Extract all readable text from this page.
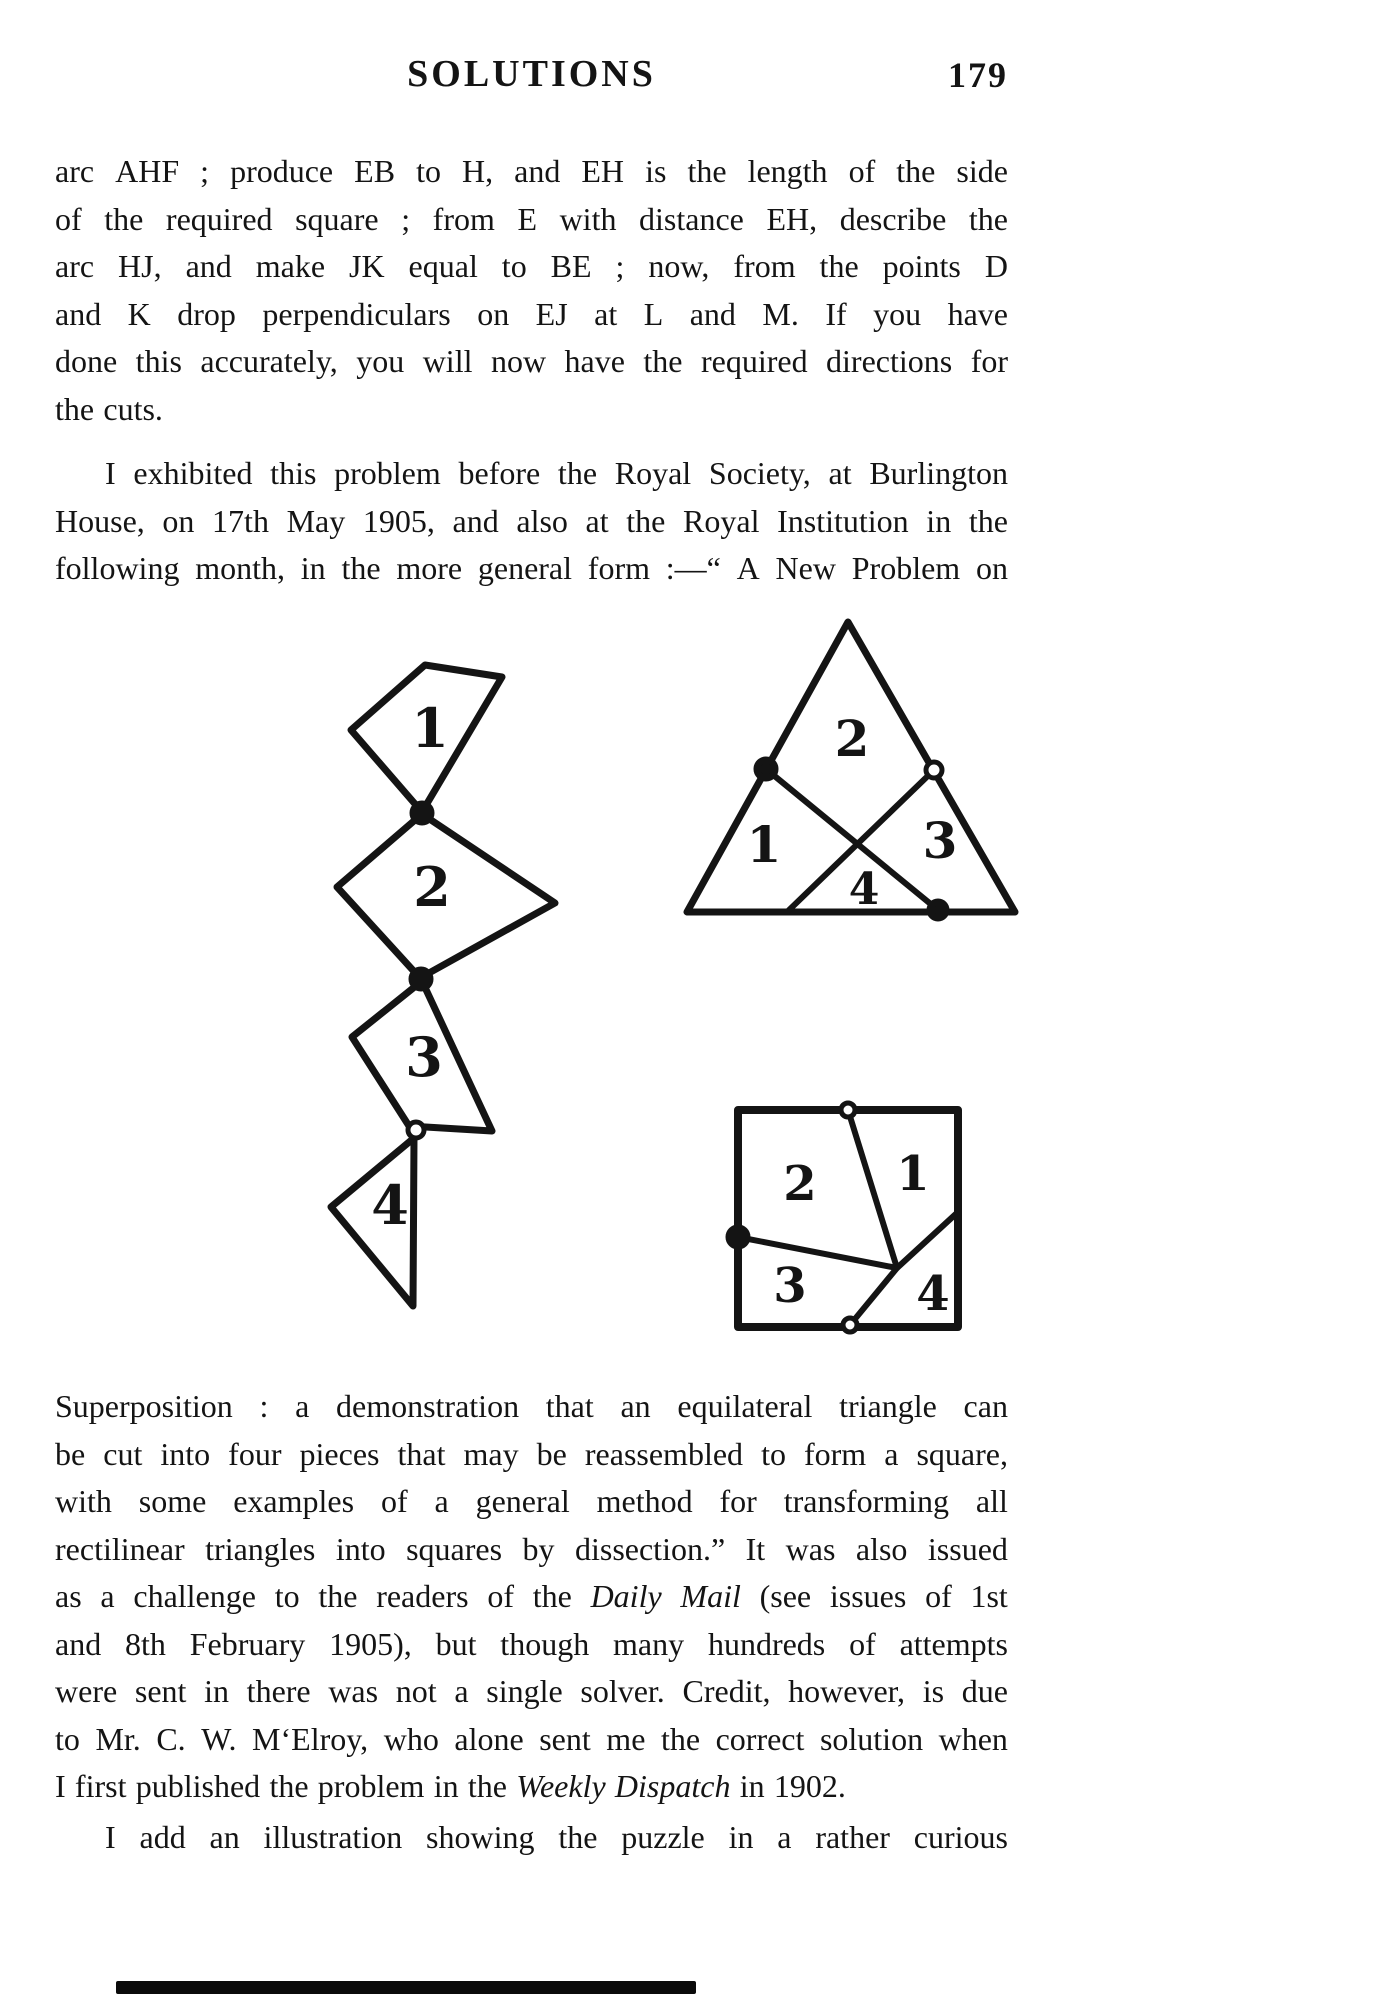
SOLUTIONS	179
arc AHF ; produce EB to H, and EH is the length of the side
of the required square ; from E with distance EH, describe the
arc HJ, and make JK equal to BE ; now, from the points D
and K drop perpendiculars on EJ at L and M. If you have
done this accurately, you will now have the required directions for
the cuts.
I exhibited this problem before the Royal Society, at Burlington
House, on 17th May 1905, and also at the Royal Institution in the
following month, in the more general form :—“ A New Problem on
Superposition : a demonstration that an equilateral triangle can
be cut into four pieces that may be reassembled to form a square,
with some examples of a general method for transforming all
rectilinear triangles into squares by dissection.” It was also issued
as a challenge to the readers of the Daily Mail (see issues of 1st
and 8th February 1905), but though many hundreds of attempts
were sent in there was not a single solver. Credit, however, is due
to Mr. C. W. M‘Elroy, who alone sent me the correct solution when
I first published the problem in the Weekly Dispatch in 1902.
I add an illustration showing the puzzle in a rather curious
1
2
3
4
1
2
3
4
1
2
3 4
